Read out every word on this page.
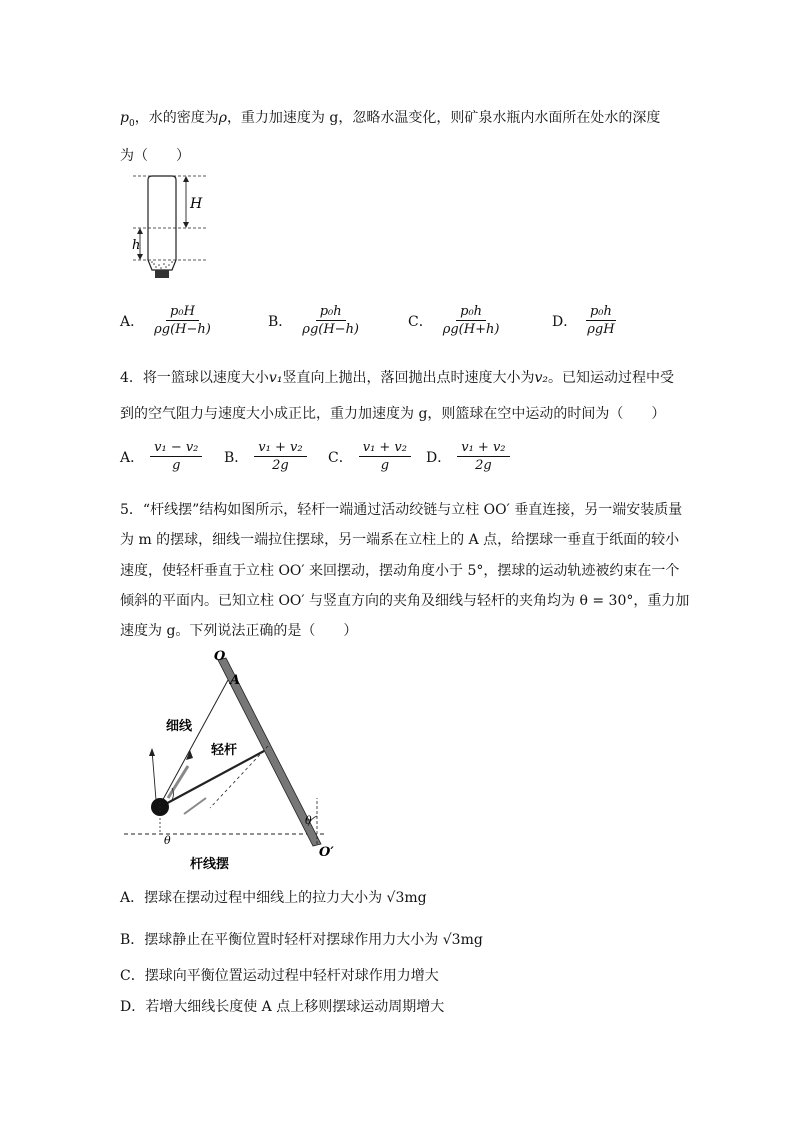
$p_0$，水的密度为ρ，重力加速度为 g，忽略水温变化，则矿泉水瓶内水面所在处水的深度
为（　　）
H
h
A． $\frac{\text{p₀H}}{\rho g(H-h)}$	B． $\frac{\text{p₀h}}{\rho g(H-h)}$	C． $\frac{\text{p₀h}}{\rho g(H+h)}$	D． $\frac{\text{p₀h}}{\text{ρgH}}$
4．将一篮球以速度大小v₁竖直向上抛出，落回抛出点时速度大小为v₂。已知运动过程中受
到的空气阻力与速度大小成正比，重力加速度为 g，则篮球在空中运动的时间为（　　）
A． $\frac{\text{v₁ − v₂}}{g}$ B． $\frac{\text{v₁ + v₂}}{2g}$ C． $\frac{\text{v₁ + v₂}}{g}$ D． $\frac{\text{v₁ + v₂}}{2g}$
5．“杆线摆”结构如图所示，轻杆一端通过活动绞链与立柱 OO′ 垂直连接，另一端安装质量
为 m 的摆球，细线一端拉住摆球，另一端系在立柱上的 A 点，给摆球一垂直于纸面的较小
速度，使轻杆垂直于立柱 OO′ 来回摆动，摆动角度小于 5°，摆球的运动轨迹被约束在一个
倾斜的平面内。已知立柱 OO′ 与竖直方向的夹角及细线与轻杆的夹角均为 θ = 30°，重力加
速度为 g。下列说法正确的是（　　）
O
A
细线
轻杆
θ
θ
O′
杆线摆
A．摆球在摆动过程中细线上的拉力大小为 √3mg
B．摆球静止在平衡位置时轻杆对摆球作用力大小为 √3mg
C．摆球向平衡位置运动过程中轻杆对球作用力增大
D．若增大细线长度使 A 点上移则摆球运动周期增大
